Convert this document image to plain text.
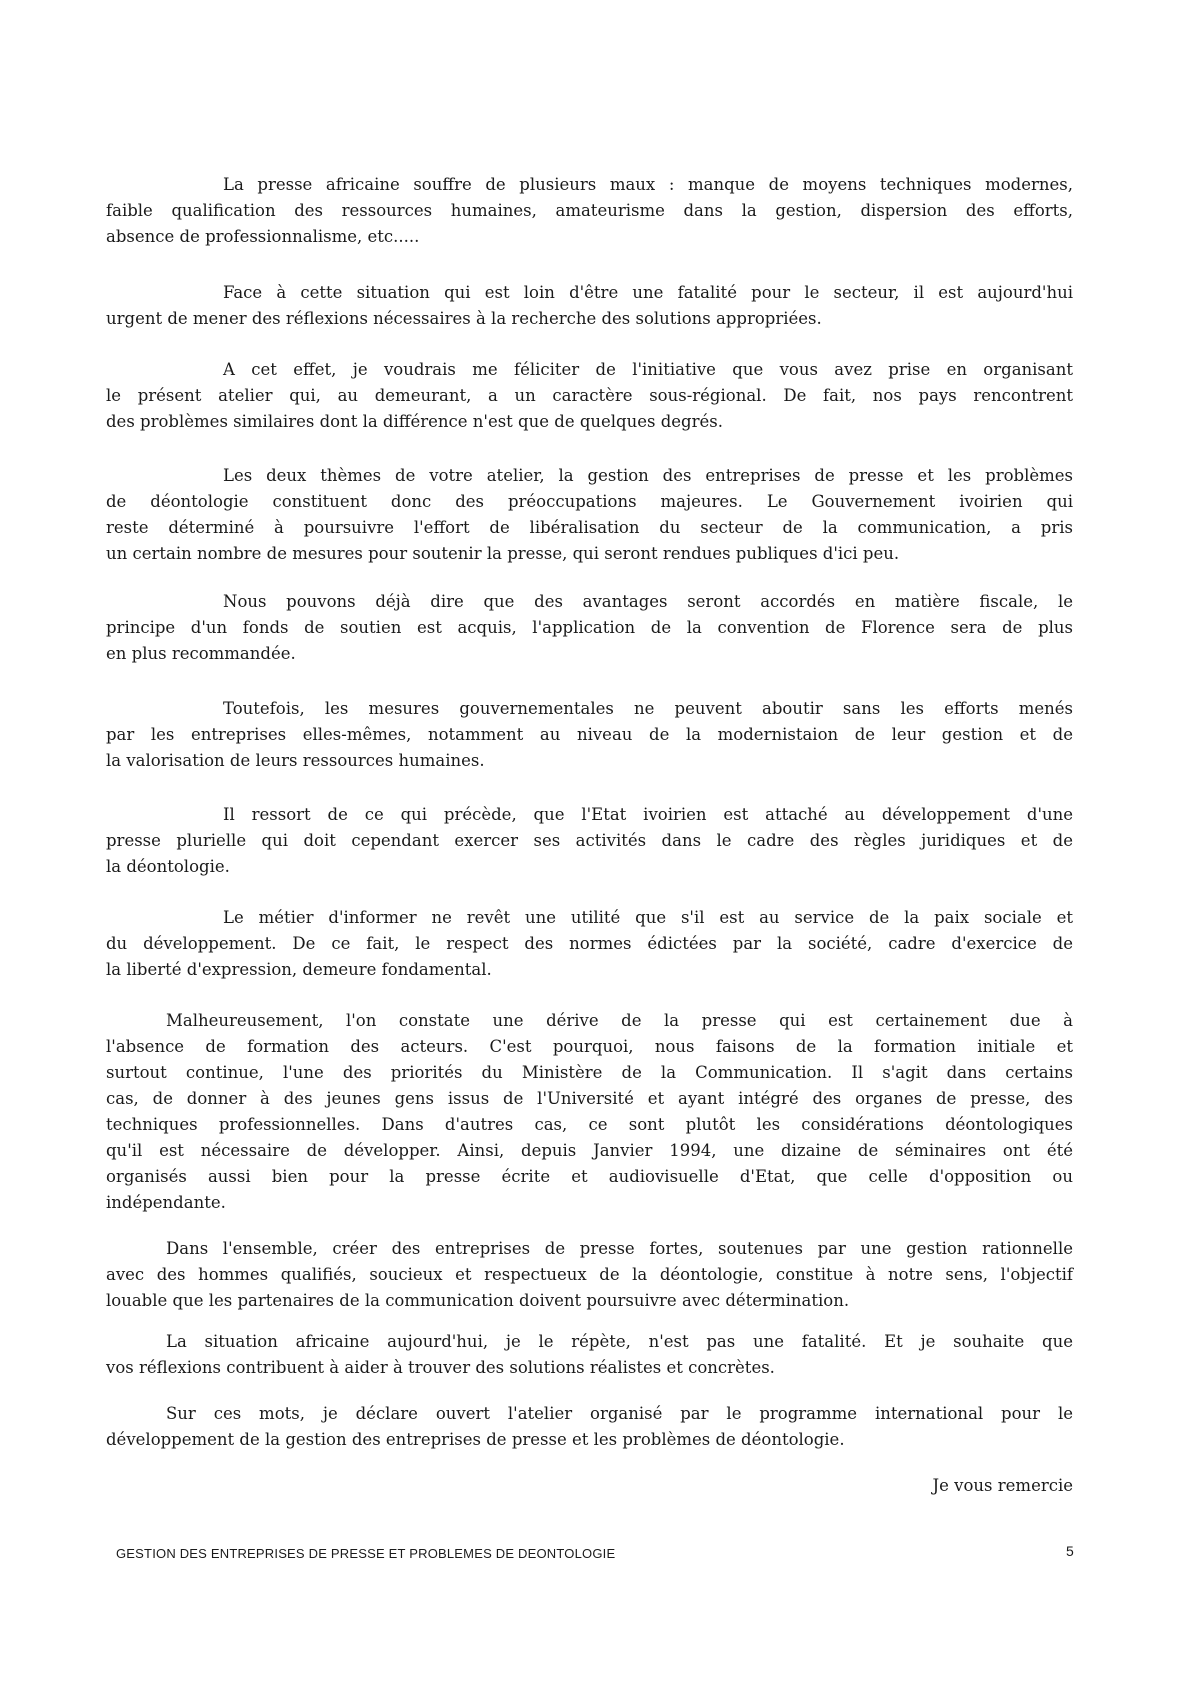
La presse africaine souffre de plusieurs maux : manque de moyens techniques modernes,
faible qualification des ressources humaines, amateurisme dans la gestion, dispersion des efforts,
absence de professionnalisme, etc.....
Face à cette situation qui est loin d'être une fatalité pour le secteur, il est aujourd'hui
urgent de mener des réflexions nécessaires à la recherche des solutions appropriées.
A cet effet, je voudrais me féliciter de l'initiative que vous avez prise en organisant
le présent atelier qui, au demeurant, a un caractère sous-régional. De fait, nos pays rencontrent
des problèmes similaires dont la différence n'est que de quelques degrés.
Les deux thèmes de votre atelier, la gestion des entreprises de presse et les problèmes
de déontologie constituent donc des préoccupations majeures. Le Gouvernement ivoirien qui
reste déterminé à poursuivre l'effort de libéralisation du secteur de la communication, a pris
un certain nombre de mesures pour soutenir la presse, qui seront rendues publiques d'ici peu.
Nous pouvons déjà dire que des avantages seront accordés en matière fiscale, le
principe d'un fonds de soutien est acquis, l'application de la convention de Florence sera de plus
en plus recommandée.
Toutefois, les mesures gouvernementales ne peuvent aboutir sans les efforts menés
par les entreprises elles-mêmes, notamment au niveau de la modernistaion de leur gestion et de
la valorisation de leurs ressources humaines.
Il ressort de ce qui précède, que l'Etat ivoirien est attaché au développement d'une
presse plurielle qui doit cependant exercer ses activités dans le cadre des règles juridiques et de
la déontologie.
Le métier d'informer ne revêt une utilité que s'il est au service de la paix sociale et
du développement. De ce fait, le respect des normes édictées par la société, cadre d'exercice de
la liberté d'expression, demeure fondamental.
Malheureusement, l'on constate une dérive de la presse qui est certainement due à
l'absence de formation des acteurs. C'est pourquoi, nous faisons de la formation initiale et
surtout continue, l'une des priorités du Ministère de la Communication. Il s'agit dans certains
cas, de donner à des jeunes gens issus de l'Université et ayant intégré des organes de presse, des
techniques professionnelles. Dans d'autres cas, ce sont plutôt les considérations déontologiques
qu'il est nécessaire de développer. Ainsi, depuis Janvier 1994, une dizaine de séminaires ont été
organisés aussi bien pour la presse écrite et audiovisuelle d'Etat, que celle d'opposition ou
indépendante.
Dans l'ensemble, créer des entreprises de presse fortes, soutenues par une gestion rationnelle
avec des hommes qualifiés, soucieux et respectueux de la déontologie, constitue à notre sens, l'objectif
louable que les partenaires de la communication doivent poursuivre avec détermination.
La situation africaine aujourd'hui, je le répète, n'est pas une fatalité. Et je souhaite que
vos réflexions contribuent à aider à trouver des solutions réalistes et concrètes.
Sur ces mots, je déclare ouvert l'atelier organisé par le programme international pour le
développement de la gestion des entreprises de presse et les problèmes de déontologie.
Je vous remercie
GESTION DES ENTREPRISES DE PRESSE ET PROBLEMES DE DEONTOLOGIE	5
